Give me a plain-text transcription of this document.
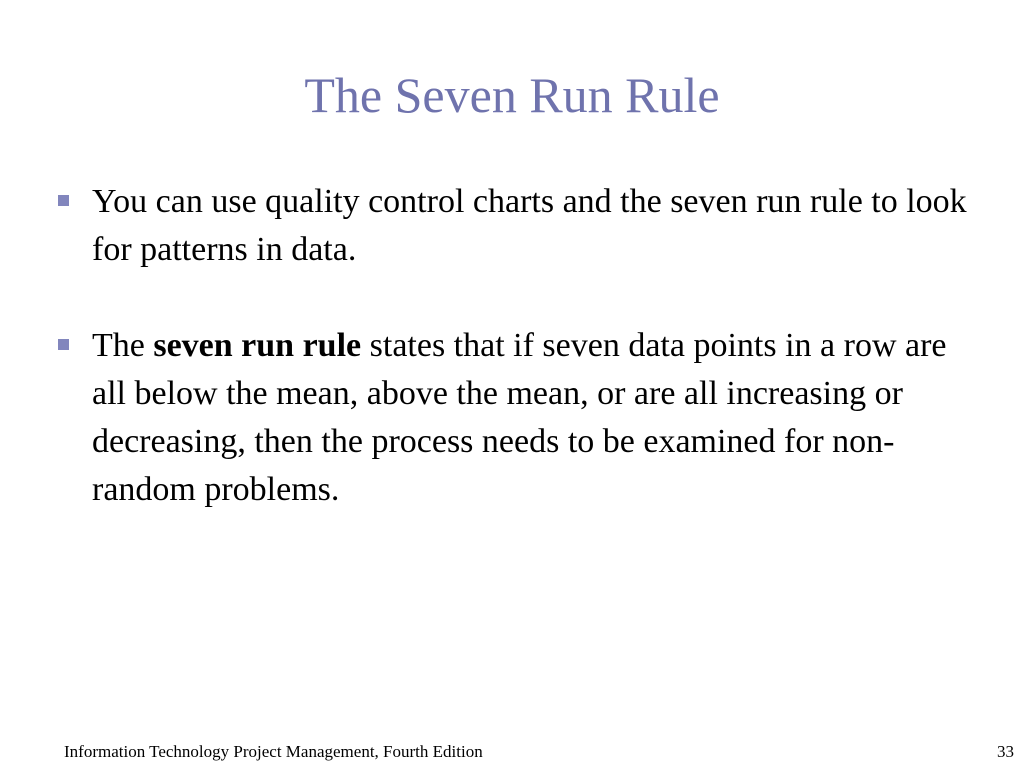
The Seven Run Rule
You can use quality control charts and the seven run rule to look for patterns in data.
The seven run rule states that if seven data points in a row are all below the mean, above the mean, or are all increasing or decreasing, then the process needs to be examined for non-random problems.
Information Technology Project Management, Fourth Edition	33
